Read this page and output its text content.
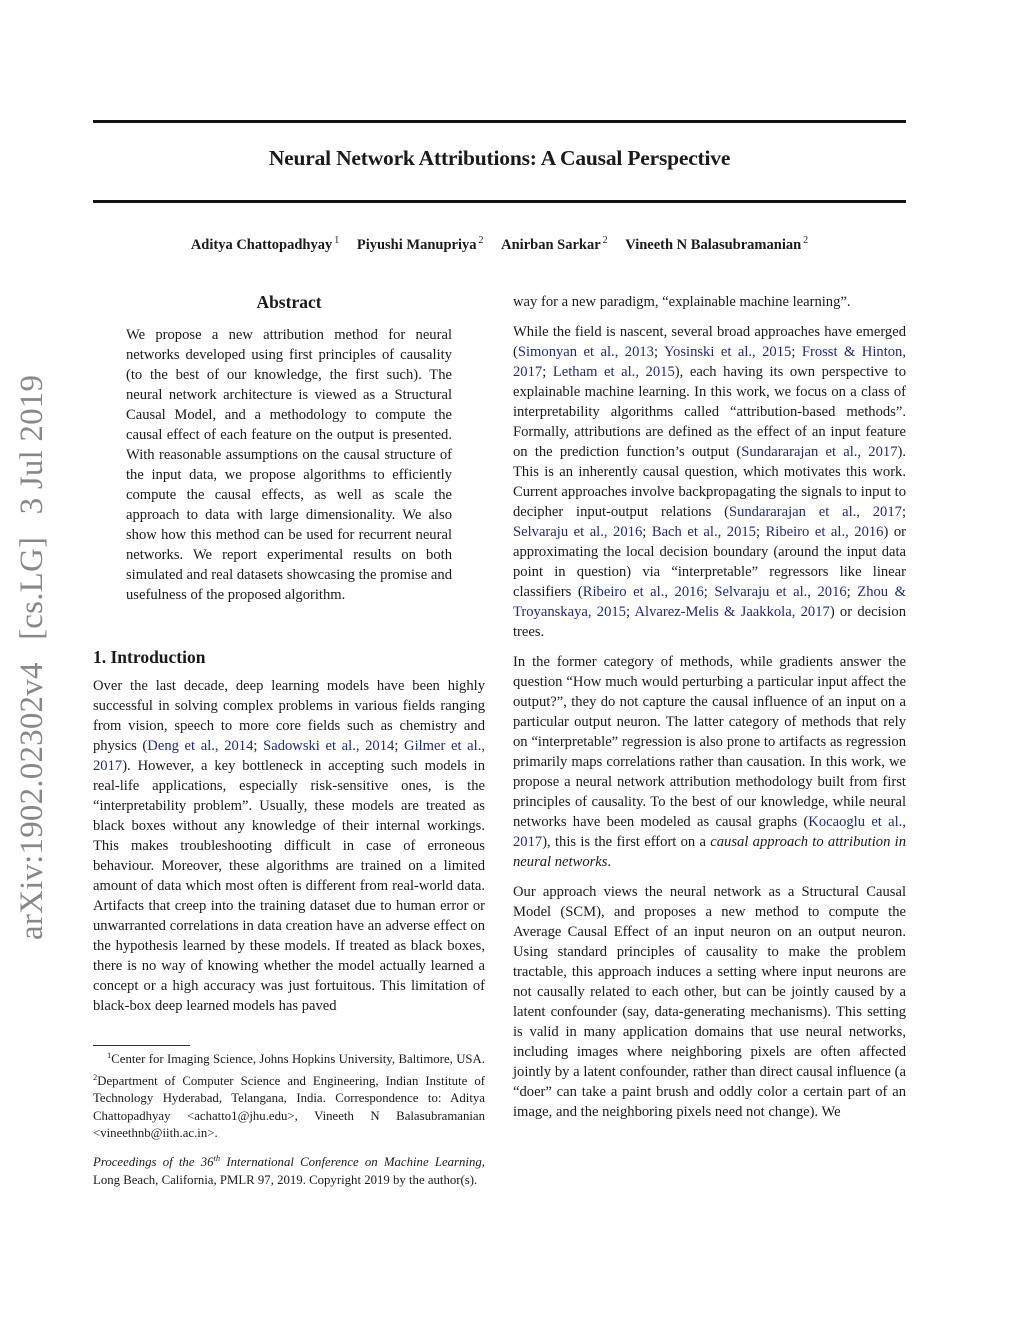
arXiv:1902.02302v4 [cs.LG] 3 Jul 2019
Neural Network Attributions: A Causal Perspective
Aditya Chattopadhyay $^1$ Piyushi Manupriya $^2$ Anirban Sarkar $^2$ Vineeth N Balasubramanian $^2$
Abstract
We propose a new attribution method for neural networks developed using first principles of causality (to the best of our knowledge, the first such). The neural network architecture is viewed as a Structural Causal Model, and a methodology to compute the causal effect of each feature on the output is presented. With reasonable assumptions on the causal structure of the input data, we propose algorithms to efficiently compute the causal effects, as well as scale the approach to data with large dimensionality. We also show how this method can be used for recurrent neural networks. We report experimental results on both simulated and real datasets showcasing the promise and usefulness of the proposed algorithm.
1. Introduction
Over the last decade, deep learning models have been highly successful in solving complex problems in various fields ranging from vision, speech to more core fields such as chemistry and physics (Deng et al., 2014; Sadowski et al., 2014; Gilmer et al., 2017). However, a key bottleneck in accepting such models in real-life applications, especially risk-sensitive ones, is the “interpretability problem”. Usually, these models are treated as black boxes without any knowledge of their internal workings. This makes troubleshooting difficult in case of erroneous behaviour. Moreover, these algorithms are trained on a limited amount of data which most often is different from real-world data. Artifacts that creep into the training dataset due to human error or unwarranted correlations in data creation have an adverse effect on the hypothesis learned by these models. If treated as black boxes, there is no way of knowing whether the model actually learned a concept or a high accuracy was just fortuitous. This limitation of black-box deep learned models has paved

$^1$Center for Imaging Science, Johns Hopkins University, Baltimore, USA. $^2$Department of Computer Science and Engineering, Indian Institute of Technology Hyderabad, Telangana, India. Correspondence to: Aditya Chattopadhyay <achatto1@jhu.edu>, Vineeth N Balasubramanian <vineethnb@iith.ac.in>.

Proceedings of the 36th International Conference on Machine Learning, Long Beach, California, PMLR 97, 2019. Copyright 2019 by the author(s).

way for a new paradigm, “explainable machine learning”.

While the field is nascent, several broad approaches have emerged (Simonyan et al., 2013; Yosinski et al., 2015; Frosst & Hinton, 2017; Letham et al., 2015), each having its own perspective to explainable machine learning. In this work, we focus on a class of interpretability algorithms called “attribution-based methods”. Formally, attributions are defined as the effect of an input feature on the prediction function’s output (Sundararajan et al., 2017). This is an inherently causal question, which motivates this work. Current approaches involve backpropagating the signals to input to decipher input-output relations (Sundararajan et al., 2017; Selvaraju et al., 2016; Bach et al., 2015; Ribeiro et al., 2016) or approximating the local decision boundary (around the input data point in question) via “interpretable” regressors like linear classifiers (Ribeiro et al., 2016; Selvaraju et al., 2016; Zhou & Troyanskaya, 2015; Alvarez-Melis & Jaakkola, 2017) or decision trees.

In the former category of methods, while gradients answer the question “How much would perturbing a particular input affect the output?”, they do not capture the causal influence of an input on a particular output neuron. The latter category of methods that rely on “interpretable” regression is also prone to artifacts as regression primarily maps correlations rather than causation. In this work, we propose a neural network attribution methodology built from first principles of causality. To the best of our knowledge, while neural networks have been modeled as causal graphs (Kocaoglu et al., 2017), this is the first effort on a causal approach to attribution in neural networks.

Our approach views the neural network as a Structural Causal Model (SCM), and proposes a new method to compute the Average Causal Effect of an input neuron on an output neuron. Using standard principles of causality to make the problem tractable, this approach induces a setting where input neurons are not causally related to each other, but can be jointly caused by a latent confounder (say, data-generating mechanisms). This setting is valid in many application domains that use neural networks, including images where neighboring pixels are often affected jointly by a latent confounder, rather than direct causal influence (a “doer” can take a paint brush and oddly color a certain part of an image, and the neighboring pixels need not change). We
